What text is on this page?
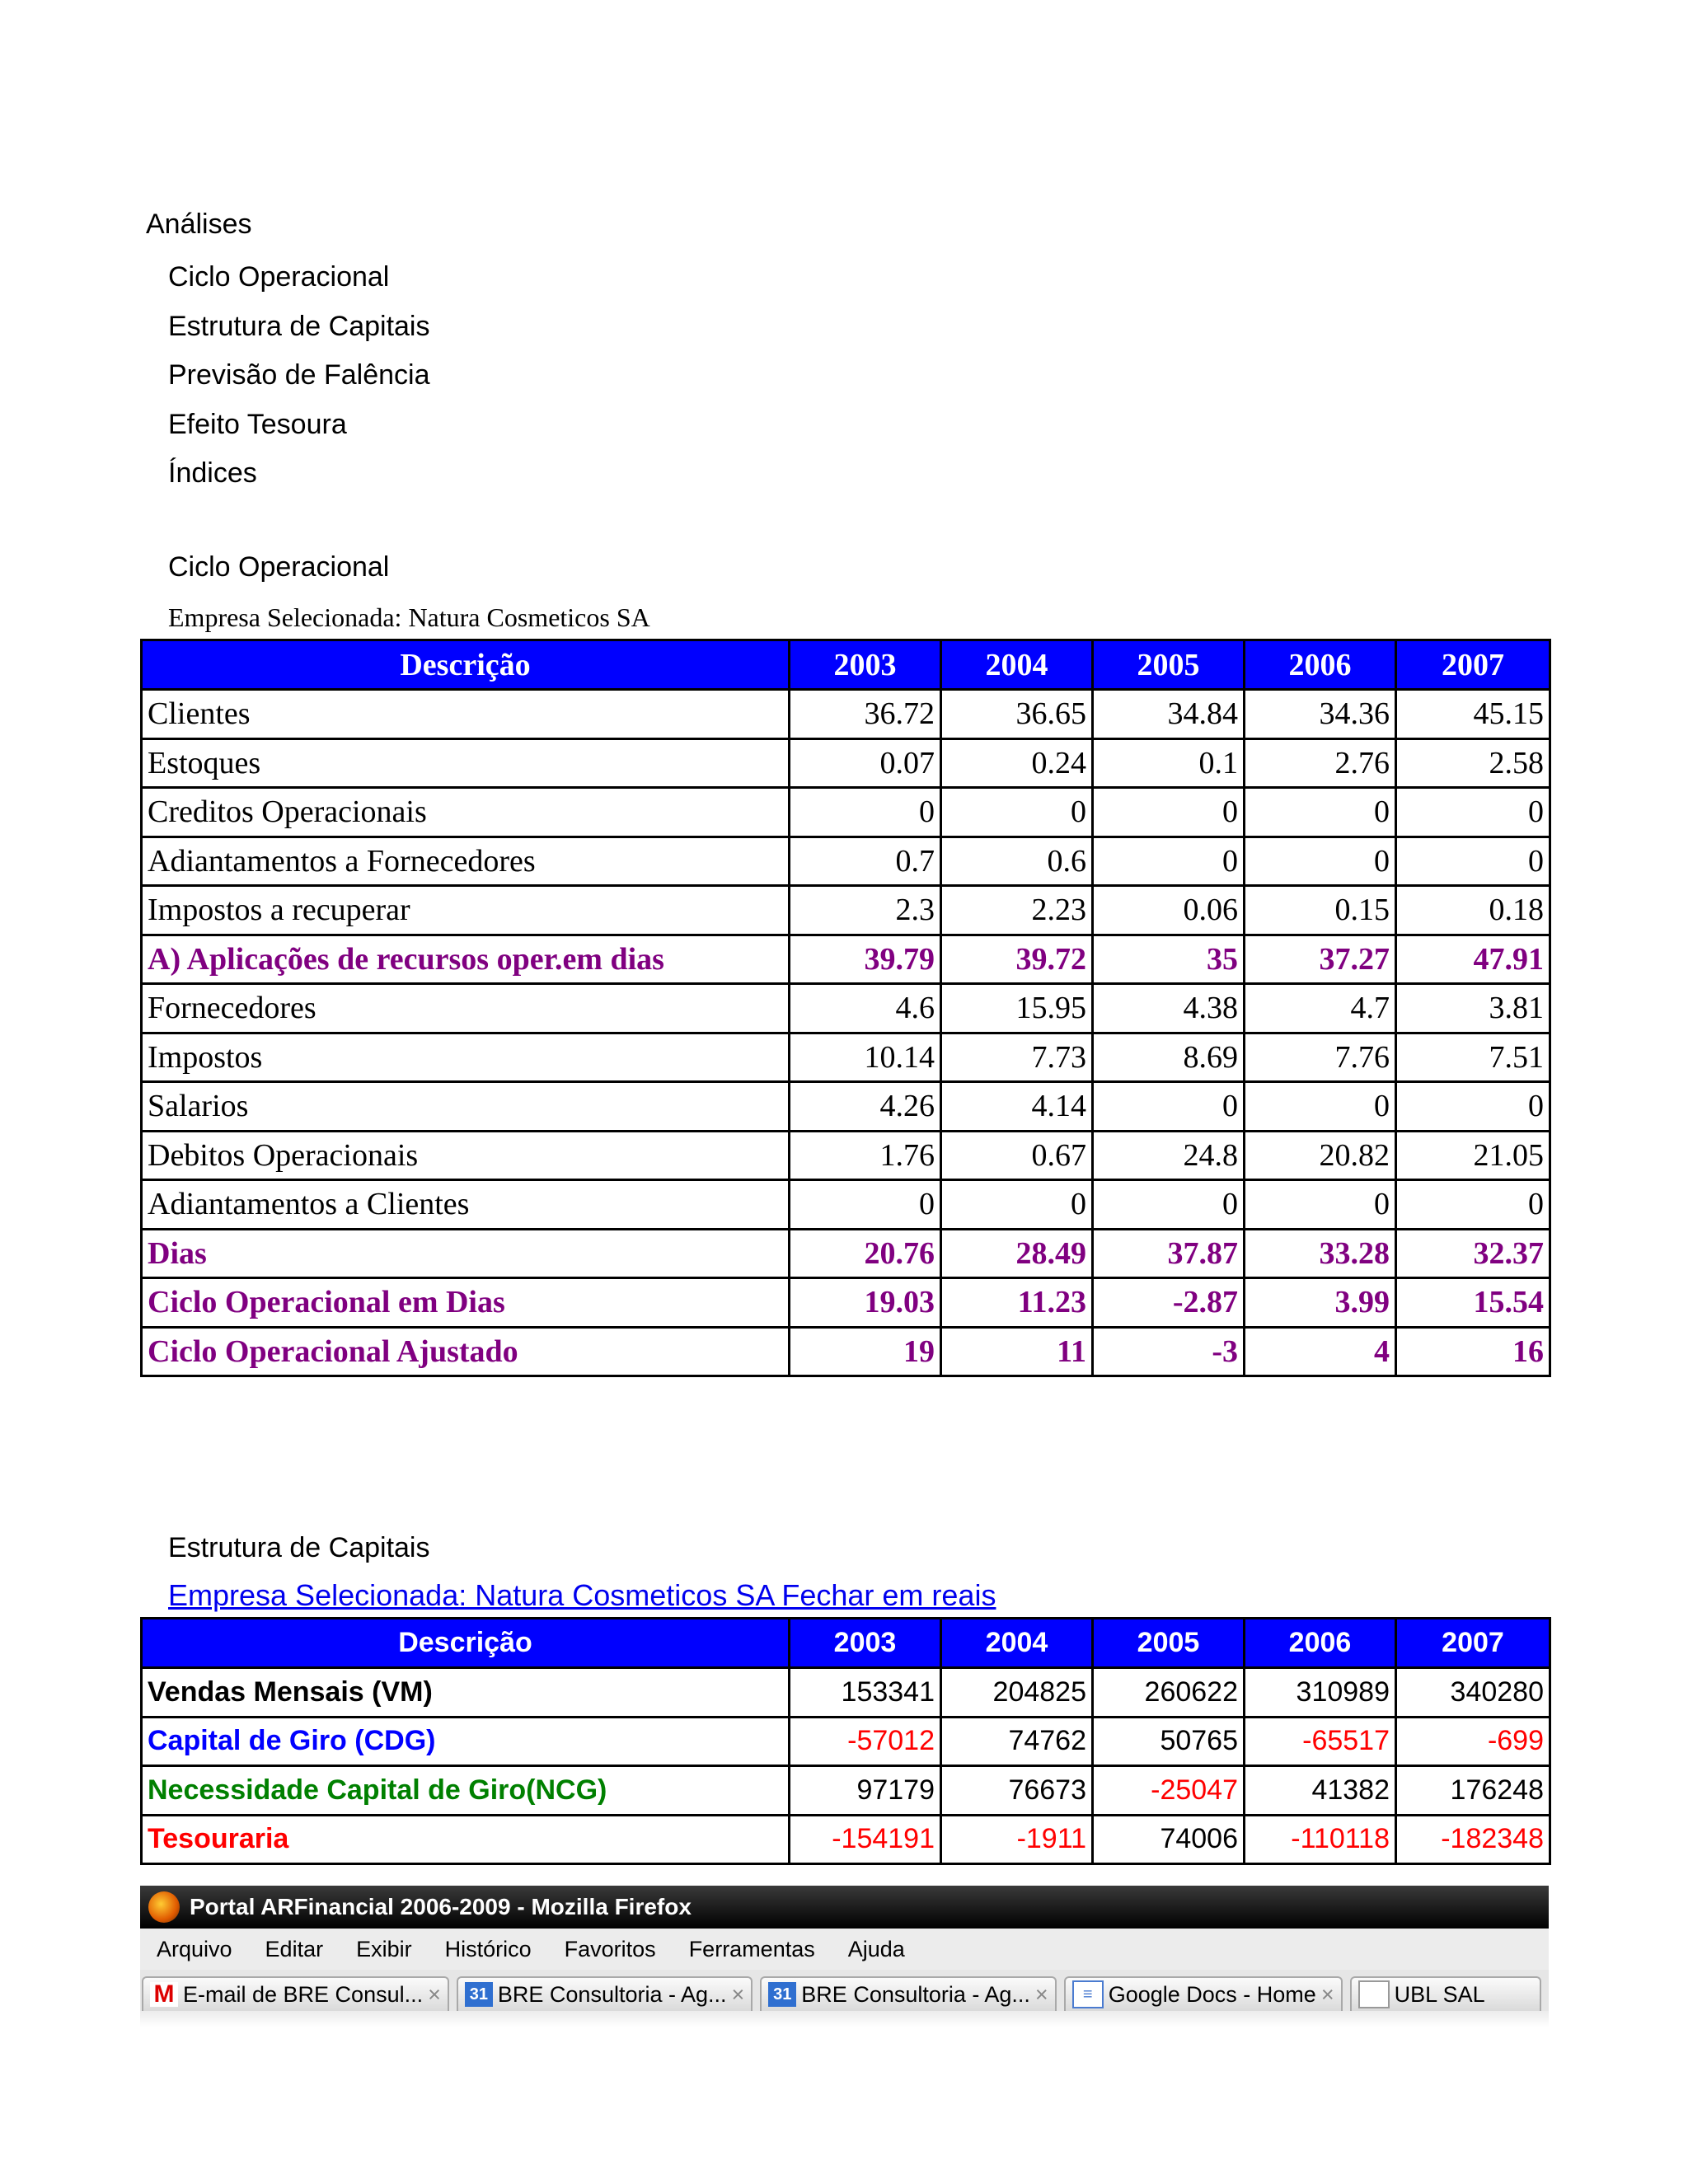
Análises
Ciclo Operacional
Estrutura de Capitais
Previsão de Falência
Efeito Tesoura
Índices
Ciclo Operacional
Empresa Selecionada: Natura Cosmeticos SA
Descrição	2003	2004	2005	2006	2007
Clientes	36.72	36.65	34.84	34.36	45.15
Estoques	0.07	0.24	0.1	2.76	2.58
Creditos Operacionais	0	0	0	0	0
Adiantamentos a Fornecedores	0.7	0.6	0	0	0
Impostos a recuperar	2.3	2.23	0.06	0.15	0.18
A) Aplicações de recursos oper.em dias	39.79	39.72	35	37.27	47.91
Fornecedores	4.6	15.95	4.38	4.7	3.81
Impostos	10.14	7.73	8.69	7.76	7.51
Salarios	4.26	4.14	0	0	0
Debitos Operacionais	1.76	0.67	24.8	20.82	21.05
Adiantamentos a Clientes	0	0	0	0	0
Dias	20.76	28.49	37.87	33.28	32.37
Ciclo Operacional em Dias	19.03	11.23	-2.87	3.99	15.54
Ciclo Operacional Ajustado	19	11	-3	4	16
Estrutura de Capitais
Empresa Selecionada: Natura Cosmeticos SA Fechar em reais
Descrição	2003	2004	2005	2006	2007
Vendas Mensais (VM)	153341	204825	260622	310989	340280
Capital de Giro (CDG)	-57012	74762	50765	-65517	-699
Necessidade Capital de Giro(NCG)	97179	76673	-25047	41382	176248
Tesouraria	-154191	-1911	74006	-110118	-182348
Portal ARFinancial 2006-2009 - Mozilla Firefox
Arquivo Editar Exibir Histórico Favoritos Ferramentas Ajuda
M E-mail de BRE Consul... × 31 BRE Consultoria - Ag... × 31 BRE Consultoria - Ag... ×	≡ Google Docs - Home ×	UBL SAL
